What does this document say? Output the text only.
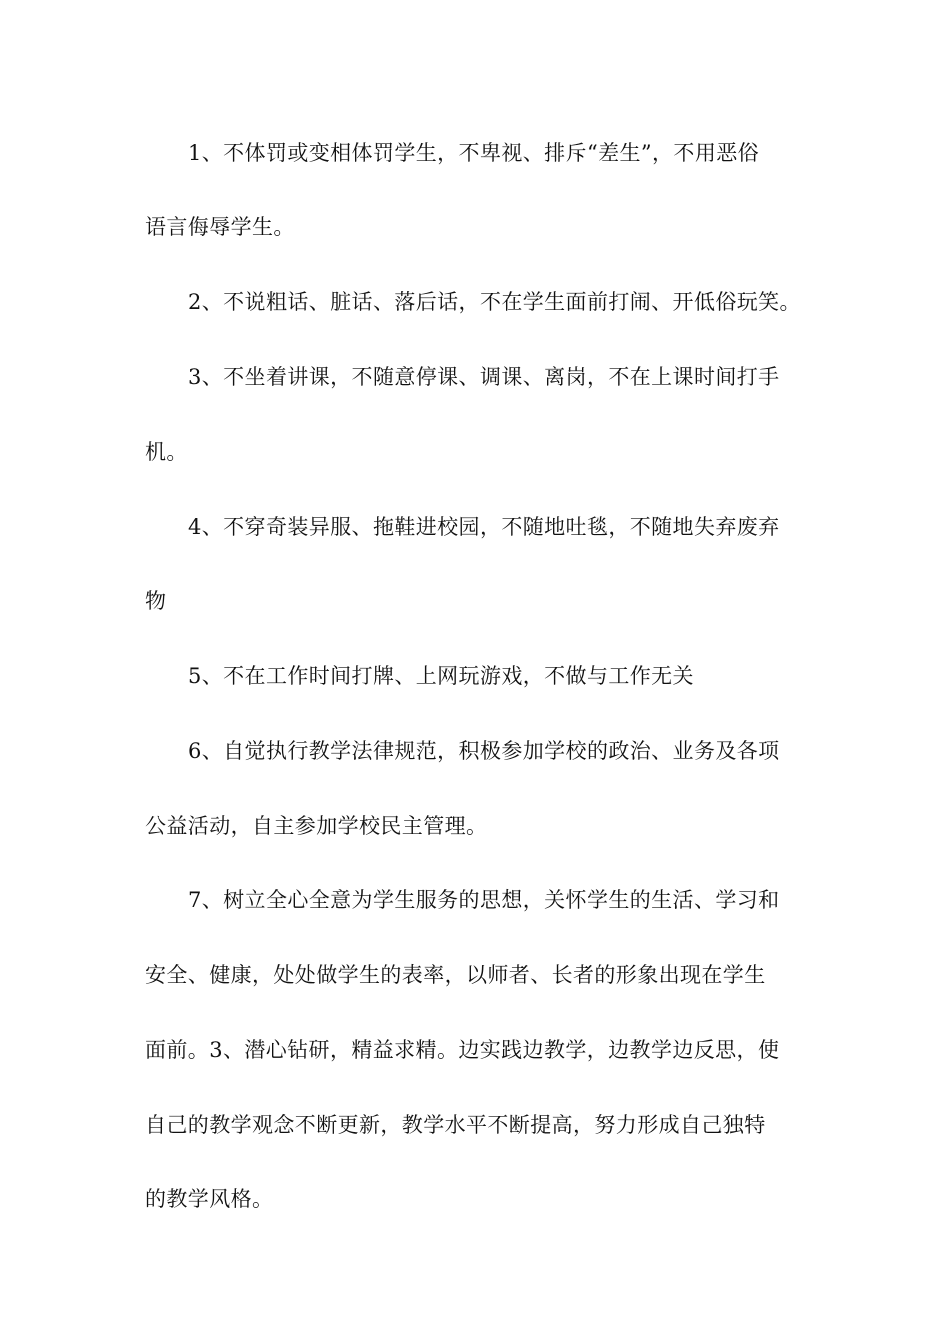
1、不体罚或变相体罚学生，不卑视、排斥“差生”，不用恶俗
语言侮辱学生。
2、不说粗话、脏话、落后话，不在学生面前打闹、开低俗玩笑。
3、不坐着讲课，不随意停课、调课、离岗，不在上课时间打手
机。
4、不穿奇装异服、拖鞋进校园，不随地吐毯，不随地失弃废弃
物
5、不在工作时间打牌、上网玩游戏，不做与工作无关
6、自觉执行教学法律规范，积极参加学校的政治、业务及各项
公益活动，自主参加学校民主管理。
7、树立全心全意为学生服务的思想，关怀学生的生活、学习和
安全、健康，处处做学生的表率，以师者、长者的形象出现在学生
面前。3、潜心钻研，精益求精。边实践边教学，边教学边反思，使
自己的教学观念不断更新，教学水平不断提高，努力形成自己独特
的教学风格。
